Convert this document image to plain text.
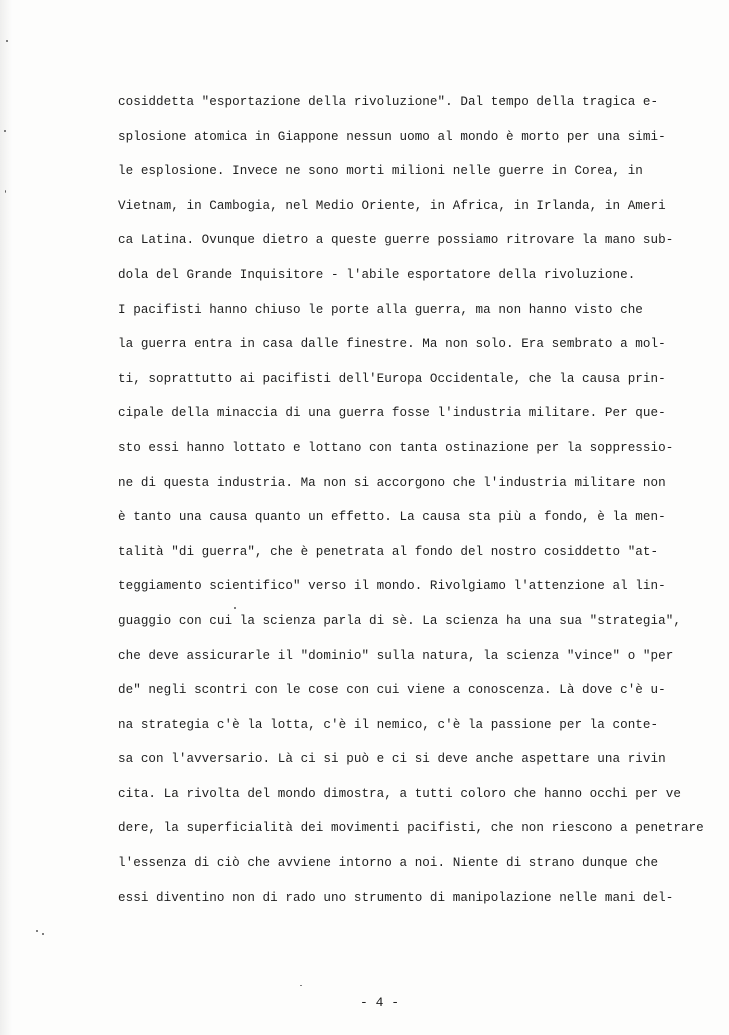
cosiddetta "esportazione della rivoluzione". Dal tempo della tragica e-
splosione atomica in Giappone nessun uomo al mondo è morto per una simi-
le esplosione. Invece ne sono morti milioni nelle guerre in Corea, in
Vietnam, in Cambogia, nel Medio Oriente, in Africa, in Irlanda, in Ameri
ca Latina. Ovunque dietro a queste guerre possiamo ritrovare la mano sub-
dola del Grande Inquisitore - l'abile esportatore della rivoluzione.
I pacifisti hanno chiuso le porte alla guerra, ma non hanno visto che
la guerra entra in casa dalle finestre. Ma non solo. Era sembrato a mol-
ti, soprattutto ai pacifisti dell'Europa Occidentale, che la causa prin-
cipale della minaccia di una guerra fosse l'industria militare. Per que-
sto essi hanno lottato e lottano con tanta ostinazione per la soppressio-
ne di questa industria. Ma non si accorgono che l'industria militare non
è tanto una causa quanto un effetto. La causa sta più a fondo, è la men-
talità "di guerra", che è penetrata al fondo del nostro cosiddetto "at-
teggiamento scientifico" verso il mondo. Rivolgiamo l'attenzione al lin-
guaggio con cui la scienza parla di sè. La scienza ha una sua "strategia",
che deve assicurarle il "dominio" sulla natura, la scienza "vince" o "per
de" negli scontri con le cose con cui viene a conoscenza. Là dove c'è u-
na strategia c'è la lotta, c'è il nemico, c'è la passione per la conte-
sa con l'avversario. Là ci si può e ci si deve anche aspettare una rivin
cita. La rivolta del mondo dimostra, a tutti coloro che hanno occhi per ve
dere, la superficialità dei movimenti pacifisti, che non riescono a penetrare
l'essenza di ciò che avviene intorno a noi. Niente di strano dunque che
essi diventino non di rado uno strumento di manipolazione nelle mani del-
- 4 -
